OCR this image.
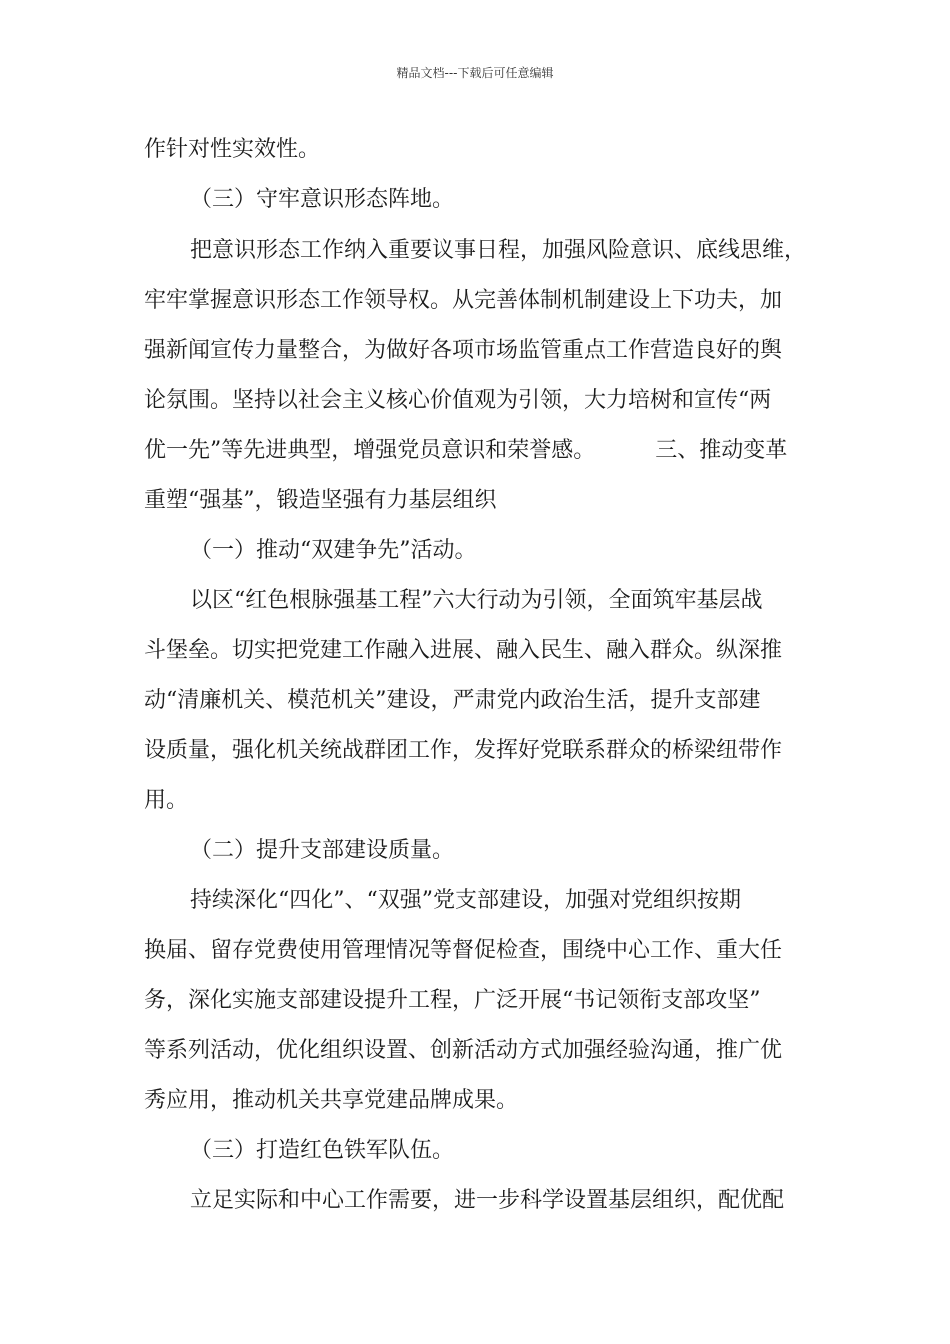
精品文档---下载后可任意编辑
作针对性实效性。
（三）守牢意识形态阵地。
把意识形态工作纳入重要议事日程，加强风险意识、底线思维，
牢牢掌握意识形态工作领导权。从完善体制机制建设上下功夫，加
强新闻宣传力量整合，为做好各项市场监管重点工作营造良好的舆
论氛围。坚持以社会主义核心价值观为引领，大力培树和宣传“两
优一先”等先进典型，增强党员意识和荣誉感。	三、推动变革
重塑“强基”，锻造坚强有力基层组织
（一）推动“双建争先”活动。
以区“红色根脉强基工程”六大行动为引领，全面筑牢基层战
斗堡垒。切实把党建工作融入进展、融入民生、融入群众。纵深推
动“清廉机关、模范机关”建设，严肃党内政治生活，提升支部建
设质量，强化机关统战群团工作，发挥好党联系群众的桥梁纽带作
用。
（二）提升支部建设质量。
持续深化“四化”、“双强”党支部建设，加强对党组织按期
换届、留存党费使用管理情况等督促检查，围绕中心工作、重大任
务，深化实施支部建设提升工程，广泛开展“书记领衔支部攻坚”
等系列活动，优化组织设置、创新活动方式加强经验沟通，推广优
秀应用，推动机关共享党建品牌成果。
（三）打造红色铁军队伍。
立足实际和中心工作需要，进一步科学设置基层组织，配优配
